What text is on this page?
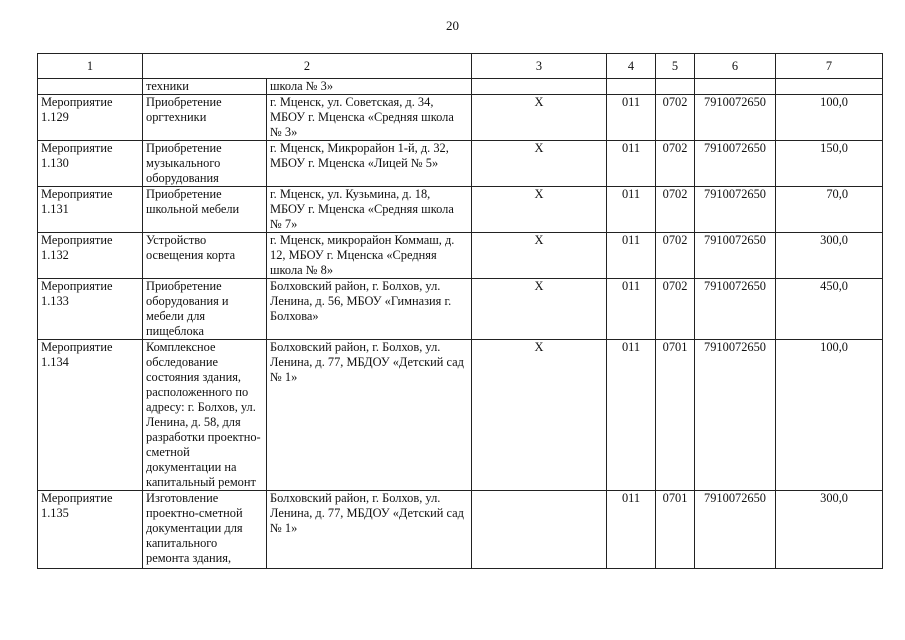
20
1	2		3	4	5	6	7
	техники	школа № 3»					
Мероприятие 1.129	Приобретение оргтехники	г. Мценск, ул. Советская, д. 34, МБОУ г. Мценска «Средняя школа № 3»	X	011	0702	7910072650	100,0
Мероприятие 1.130	Приобретение музыкального оборудования	г. Мценск, Микрорайон 1-й, д. 32, МБОУ г. Мценска «Лицей № 5»	X	011	0702	7910072650	150,0
Мероприятие 1.131	Приобретение школьной мебели	г. Мценск, ул. Кузьмина, д. 18, МБОУ г. Мценска «Средняя школа № 7»	X	011	0702	7910072650	70,0
Мероприятие 1.132	Устройство освещения корта	г. Мценск, микрорайон Коммаш, д. 12, МБОУ г. Мценска «Средняя школа № 8»	X	011	0702	7910072650	300,0
Мероприятие 1.133	Приобретение оборудования и мебели для пищеблока	Болховский район, г. Болхов, ул. Ленина, д. 56, МБОУ «Гимназия г. Болхова»	X	011	0702	7910072650	450,0
Мероприятие 1.134	Комплексное обследование состояния здания, расположенного по адресу: г. Болхов, ул. Ленина, д. 58, для разработки проектно-сметной документации на капитальный ремонт	Болховский район, г. Болхов, ул. Ленина, д. 77, МБДОУ «Детский сад № 1»	X	011	0701	7910072650	100,0
Мероприятие 1.135	Изготовление проектно-сметной документации для капитального ремонта здания,	Болховский район, г. Болхов, ул. Ленина, д. 77, МБДОУ «Детский сад № 1»		011	0701	7910072650	300,0
